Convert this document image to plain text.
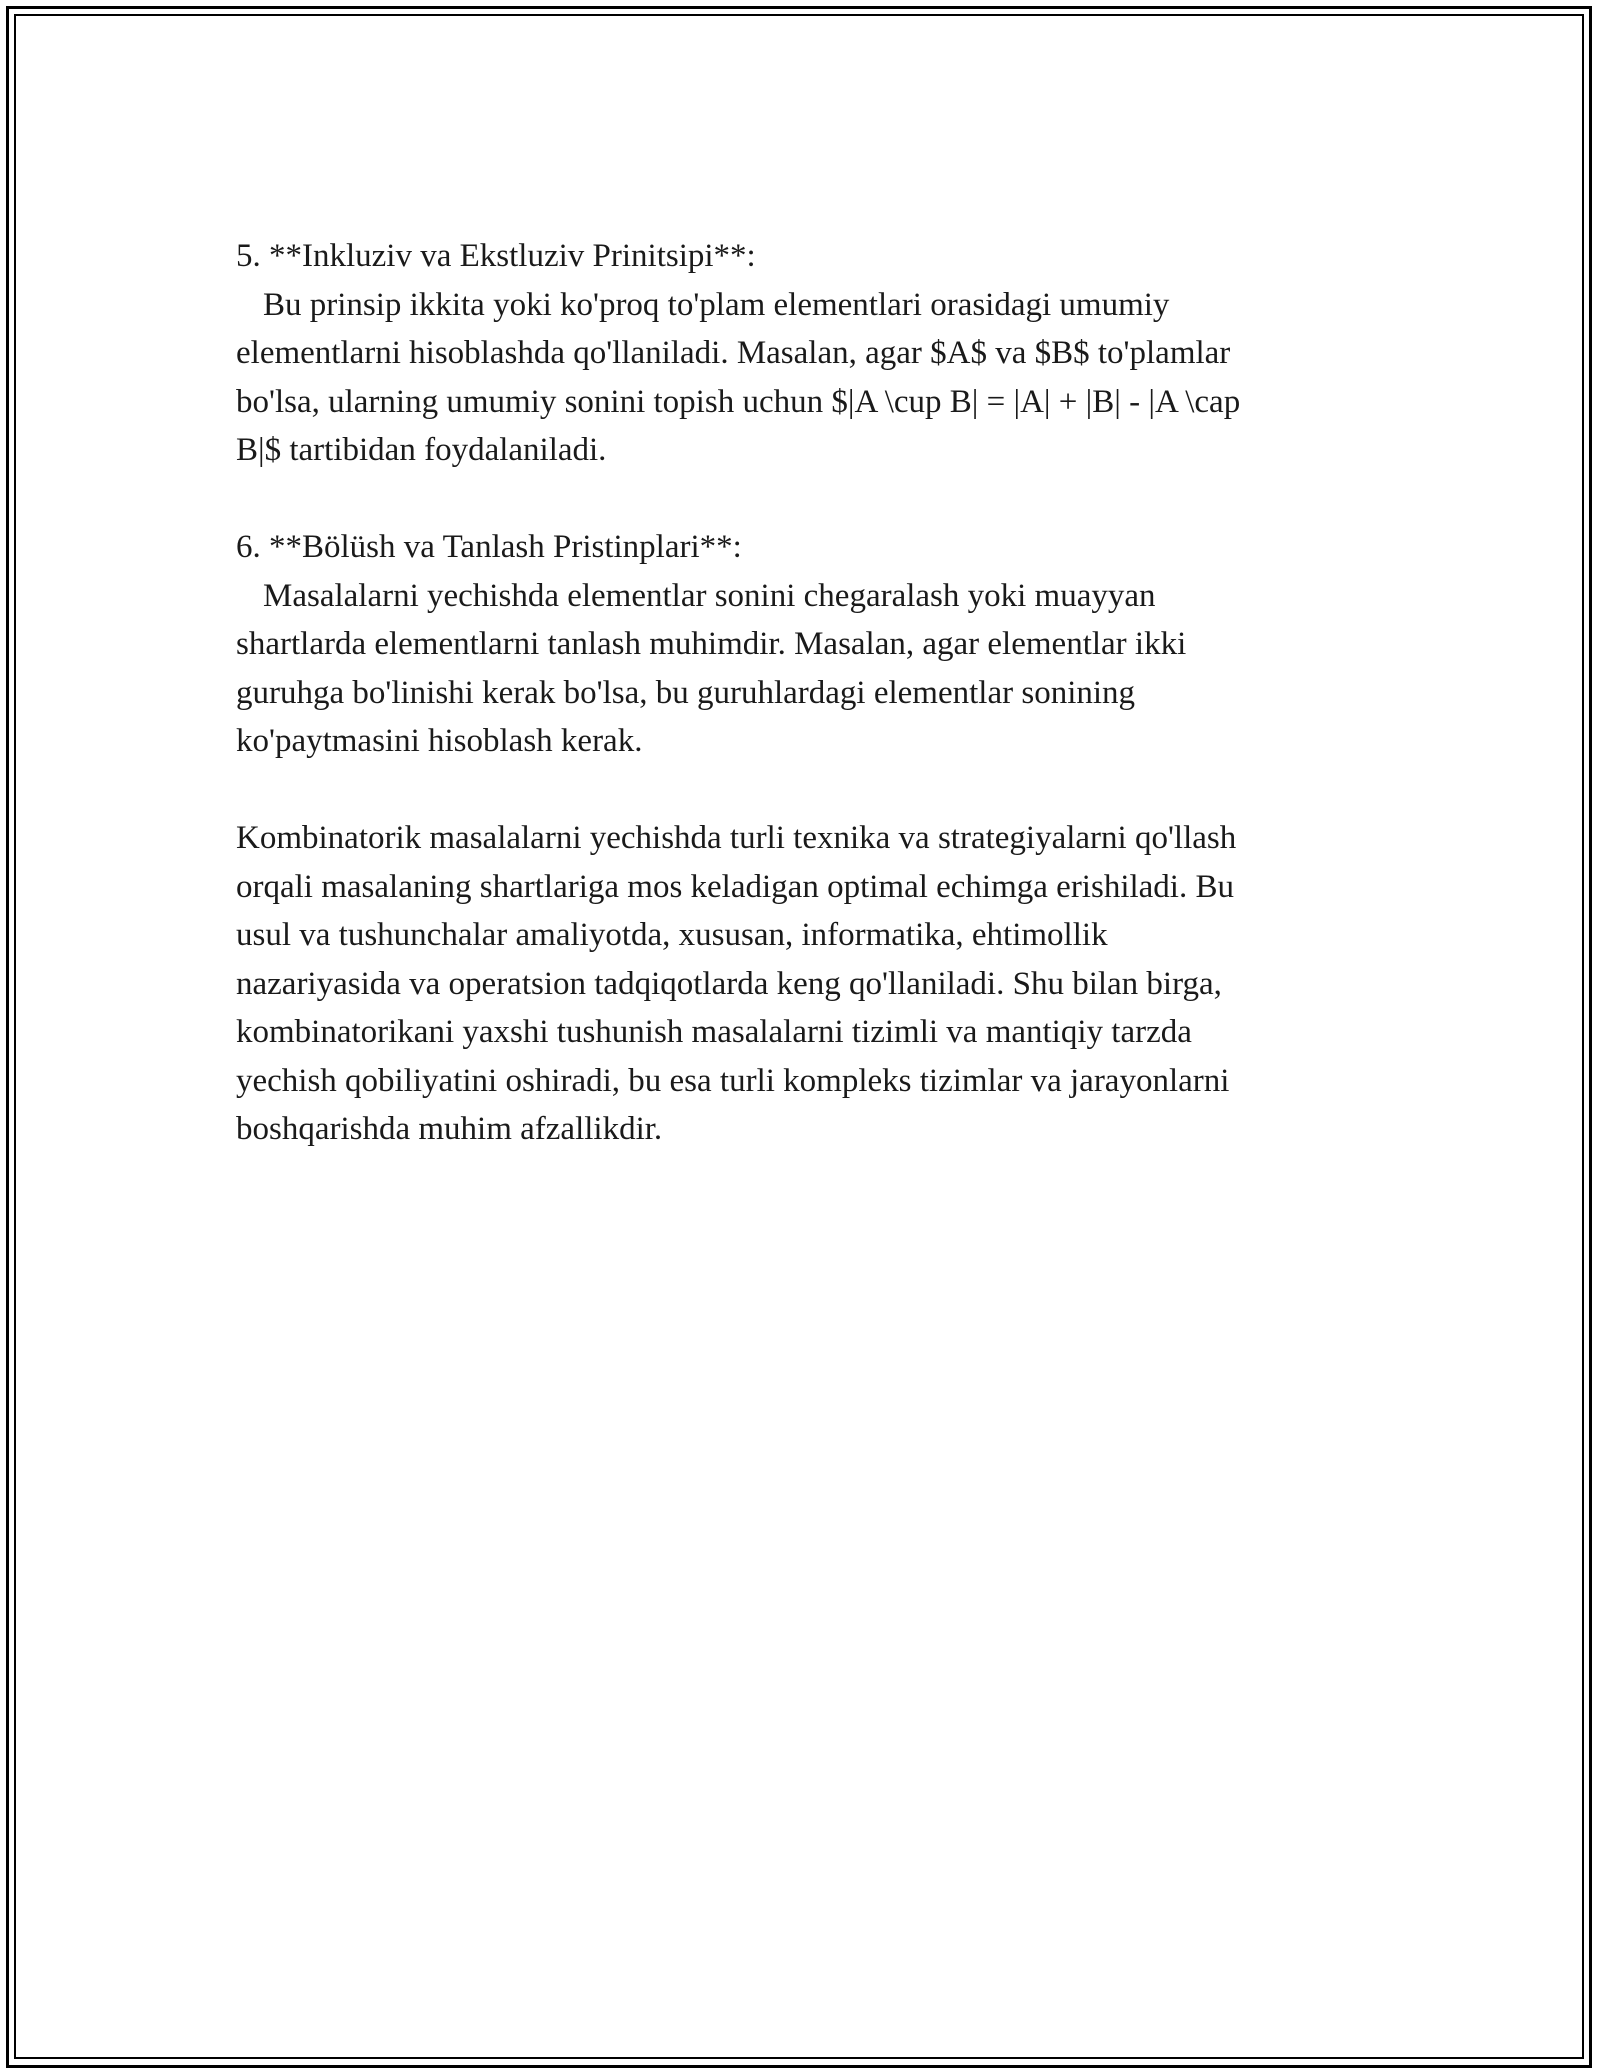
5. **Inkluziv va Ekstluziv Prinitsipi**:
Bu prinsip ikkita yoki ko'proq to'plam elementlari orasidagi umumiy
elementlarni hisoblashda qo'llaniladi. Masalan, agar $A$ va $B$ to'plamlar
bo'lsa, ularning umumiy sonini topish uchun $|A \cup B| = |A| + |B| - |A \cap
B|$ tartibidan foydalaniladi.
6. **Bölüsh va Tanlash Pristinplari**:
Masalalarni yechishda elementlar sonini chegaralash yoki muayyan
shartlarda elementlarni tanlash muhimdir. Masalan, agar elementlar ikki
guruhga bo'linishi kerak bo'lsa, bu guruhlardagi elementlar sonining
ko'paytmasini hisoblash kerak.
Kombinatorik masalalarni yechishda turli texnika va strategiyalarni qo'llash
orqali masalaning shartlariga mos keladigan optimal echimga erishiladi. Bu
usul va tushunchalar amaliyotda, xususan, informatika, ehtimollik
nazariyasida va operatsion tadqiqotlarda keng qo'llaniladi. Shu bilan birga,
kombinatorikani yaxshi tushunish masalalarni tizimli va mantiqiy tarzda
yechish qobiliyatini oshiradi, bu esa turli kompleks tizimlar va jarayonlarni
boshqarishda muhim afzallikdir.
